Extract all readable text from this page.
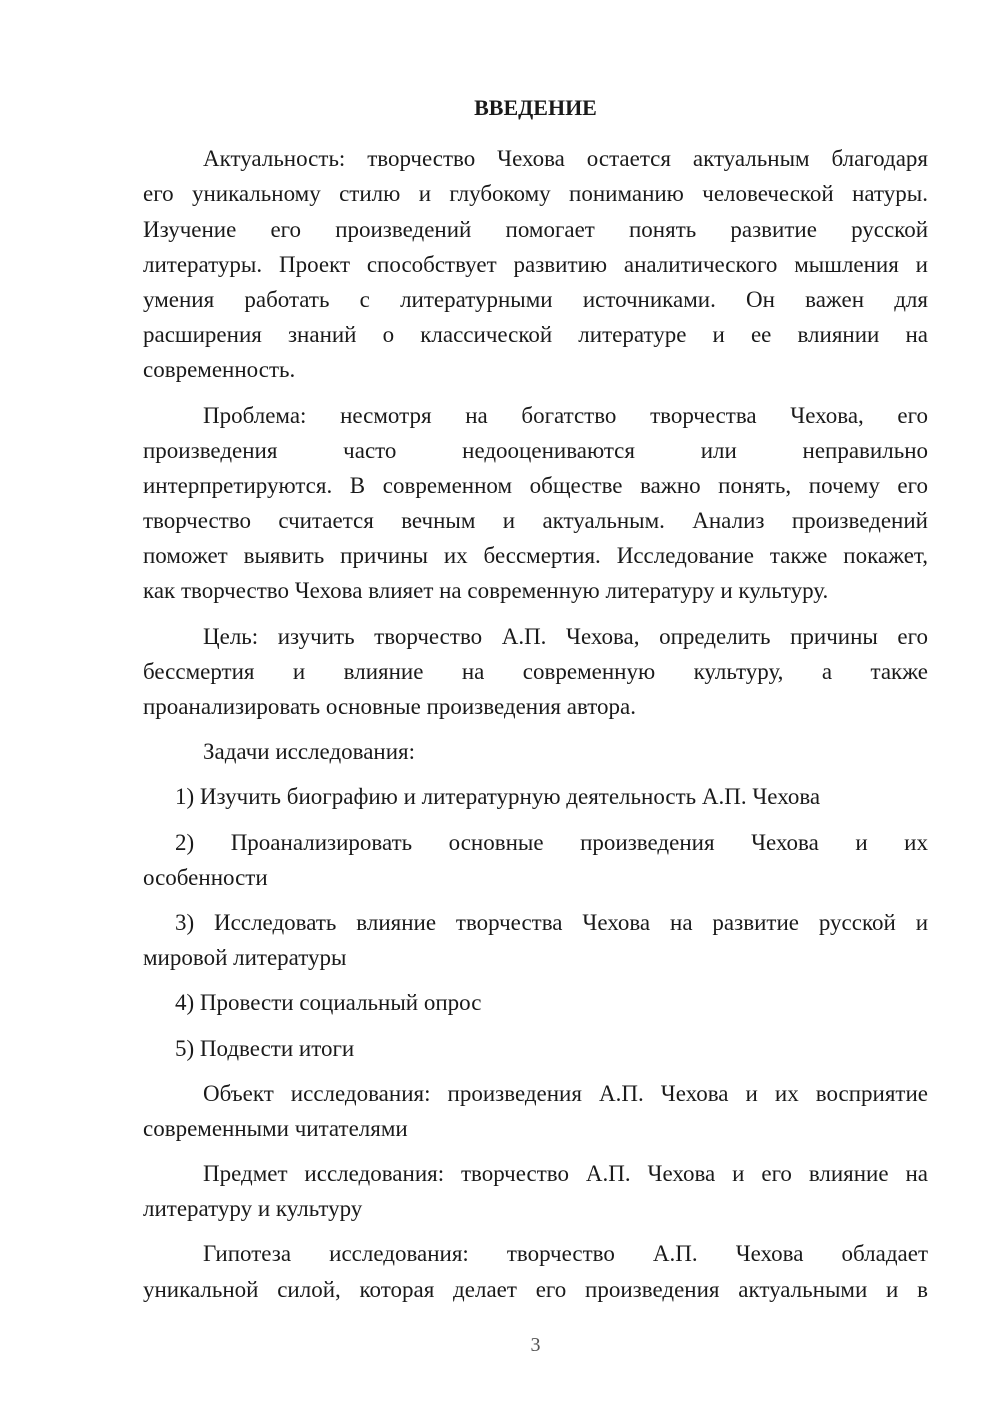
ВВЕДЕНИЕ
Актуальность: творчество Чехова остается актуальным благодаря
его уникальному стилю и глубокому пониманию человеческой натуры.
Изучение его произведений помогает понять развитие русской
литературы. Проект способствует развитию аналитического мышления и
умения работать с литературными источниками. Он важен для
расширения знаний о классической литературе и ее влиянии на
современность.
Проблема: несмотря на богатство творчества Чехова, его
произведения часто недооцениваются или неправильно
интерпретируются. В современном обществе важно понять, почему его
творчество считается вечным и актуальным. Анализ произведений
поможет выявить причины их бессмертия. Исследование также покажет,
как творчество Чехова влияет на современную литературу и культуру.
Цель: изучить творчество А.П. Чехова, определить причины его
бессмертия и влияние на современную культуру, а также
проанализировать основные произведения автора.
Задачи исследования:
1) Изучить биографию и литературную деятельность А.П. Чехова
2) Проанализировать основные произведения Чехова и их
особенности
3) Исследовать влияние творчества Чехова на развитие русской и
мировой литературы
4) Провести социальный опрос
5) Подвести итоги
Объект исследования: произведения А.П. Чехова и их восприятие
современными читателями
Предмет исследования: творчество А.П. Чехова и его влияние на
литературу и культуру
Гипотеза исследования: творчество А.П. Чехова обладает
уникальной силой, которая делает его произведения актуальными и в
3
